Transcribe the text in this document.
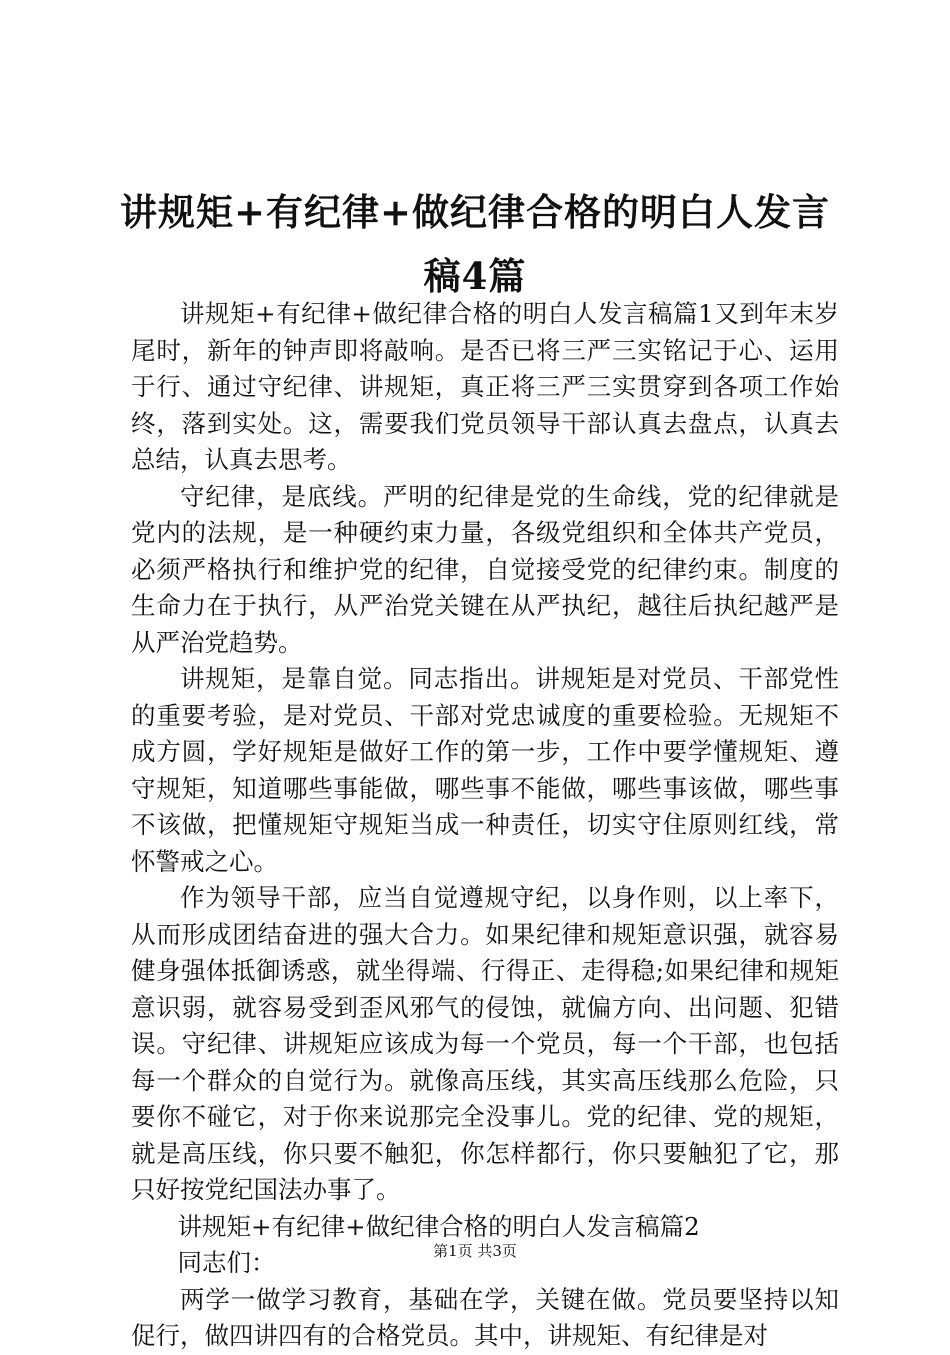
讲规矩+有纪律+做纪律合格的明白人发言稿4篇

讲规矩+有纪律+做纪律合格的明白人发言稿篇1又到年末岁尾时，新年的钟声即将敲响。是否已将三严三实铭记于心、运用于行、通过守纪律、讲规矩，真正将三严三实贯穿到各项工作始终，落到实处。这，需要我们党员领导干部认真去盘点，认真去总结，认真去思考。

守纪律，是底线。严明的纪律是党的生命线，党的纪律就是党内的法规，是一种硬约束力量，各级党组织和全体共产党员，必须严格执行和维护党的纪律，自觉接受党的纪律约束。制度的生命力在于执行，从严治党关键在从严执纪，越往后执纪越严是从严治党趋势。

讲规矩，是靠自觉。同志指出。讲规矩是对党员、干部党性的重要考验，是对党员、干部对党忠诚度的重要检验。无规矩不成方圆，学好规矩是做好工作的第一步，工作中要学懂规矩、遵守规矩，知道哪些事能做，哪些事不能做，哪些事该做，哪些事不该做，把懂规矩守规矩当成一种责任，切实守住原则红线，常怀警戒之心。

作为领导干部，应当自觉遵规守纪，以身作则，以上率下，从而形成团结奋进的强大合力。如果纪律和规矩意识强，就容易健身强体抵御诱惑，就坐得端、行得正、走得稳;如果纪律和规矩意识弱，就容易受到歪风邪气的侵蚀，就偏方向、出问题、犯错误。守纪律、讲规矩应该成为每一个党员，每一个干部，也包括每一个群众的自觉行为。就像高压线，其实高压线那么危险，只要你不碰它，对于你来说那完全没事儿。党的纪律、党的规矩，就是高压线，你只要不触犯，你怎样都行，你只要触犯了它，那只好按党纪国法办事了。

讲规矩+有纪律+做纪律合格的明白人发言稿篇2

同志们：

两学一做学习教育，基础在学，关键在做。党员要坚持以知促行，做四讲四有的合格党员。其中，讲规矩、有纪律是对

第1页 共3页
